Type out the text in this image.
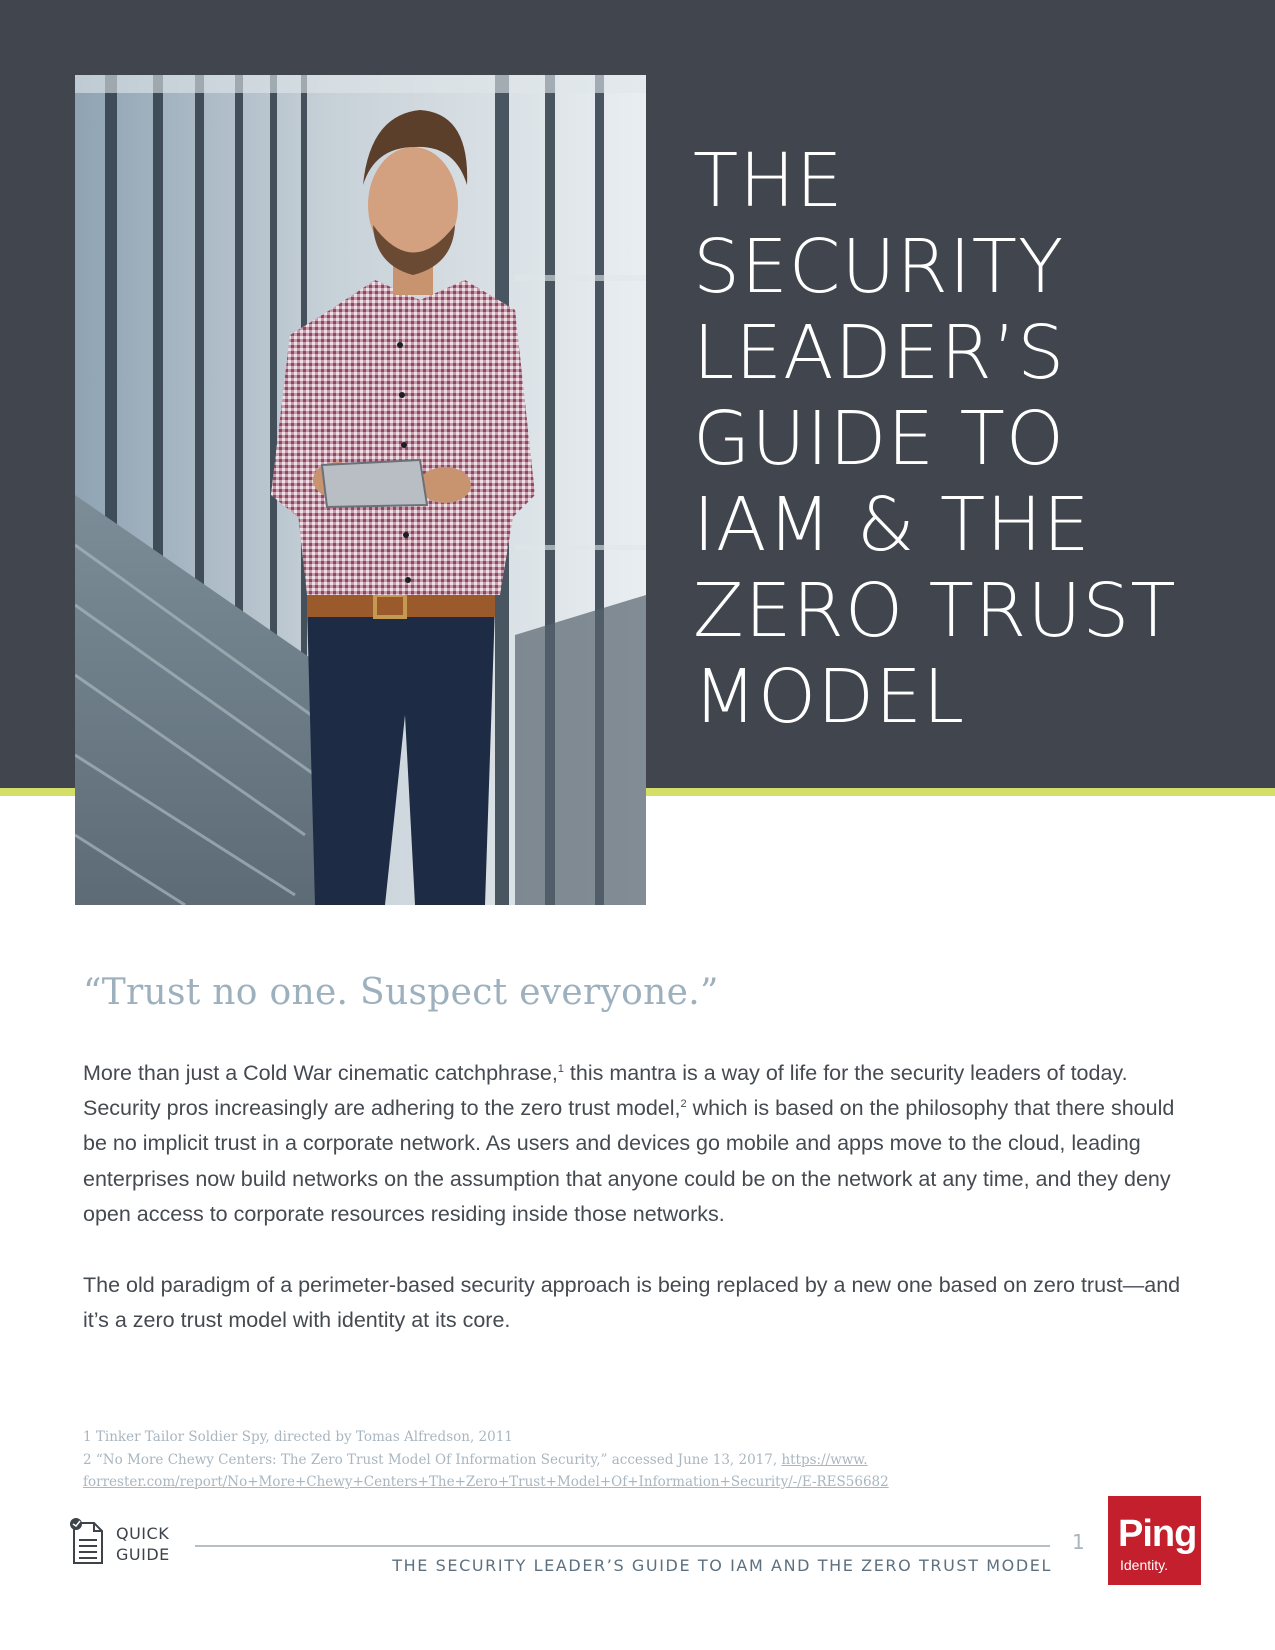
THE
SECURITY
LEADER’S
GUIDE TO
IAM & THE
ZERO TRUST
MODEL

“Trust no one. Suspect everyone.”

More than just a Cold War cinematic catchphrase,$^1$ this mantra is a way of life for the security leaders of today. Security pros increasingly are adhering to the zero trust model,$^2$ which is based on the philosophy that there should be no implicit trust in a corporate network. As users and devices go mobile and apps move to the cloud, leading enterprises now build networks on the assumption that anyone could be on the network at any time, and they deny open access to corporate resources residing inside those networks.

The old paradigm of a perimeter-based security approach is being replaced by a new one based on zero trust—and it’s a zero trust model with identity at its core.

1 Tinker Tailor Soldier Spy, directed by Tomas Alfredson, 2011
2 “No More Chewy Centers: The Zero Trust Model Of Information Security,” accessed June 13, 2017, https://www.
forrester.com/report/No+More+Chewy+Centers+The+Zero+Trust+Model+Of+Information+Security/-/E-RES56682
QUICK
GUIDE
THE SECURITY LEADER’S GUIDE TO IAM AND THE ZERO TRUST MODEL
1 Ping
Identity.
